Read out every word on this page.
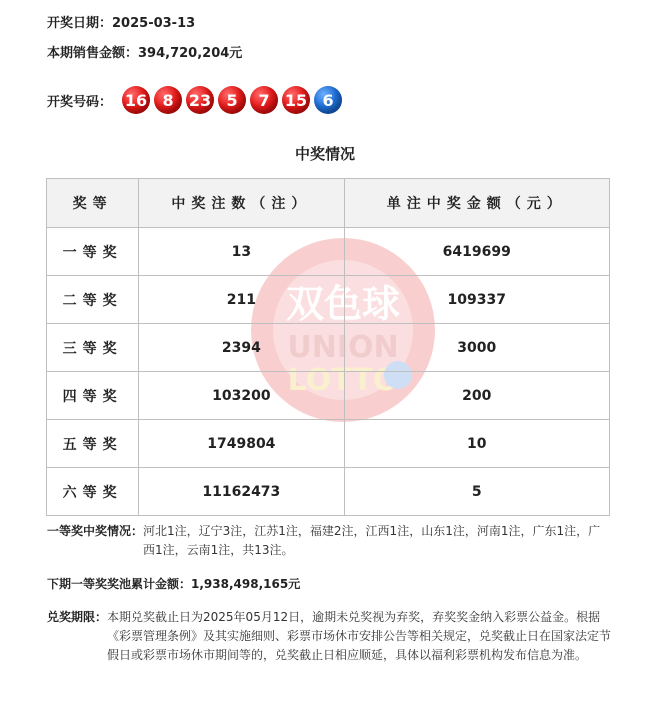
开奖日期：2025-03-13
本期销售金额：394,720,204元
开奖号码： 16 8 23 5	7 15 6
中奖情况
双色球
UNION
LOTTO
奖等	中奖注数（注）	单注中奖金额（元）
一等奖	13	6419699
二等奖	211	109337
三等奖	2394	3000
四等奖	103200	200
五等奖	1749804	10
六等奖	11162473	5
一等奖中奖情况： 河北1注，辽宁3注，江苏1注，福建2注，江西1注，山东1注，河南1注，广东1注，广西1注，云南1注，共13注。
下期一等奖奖池累计金额：1,938,498,165元
兑奖期限： 本期兑奖截止日为2025年05月12日，逾期未兑奖视为弃奖，弃奖奖金纳入彩票公益金。根据《彩票管理条例》及其实施细则、彩票市场休市安排公告等相关规定，兑奖截止日在国家法定节假日或彩票市场休市期间等的，兑奖截止日相应顺延，具体以福利彩票机构发布信息为准。
